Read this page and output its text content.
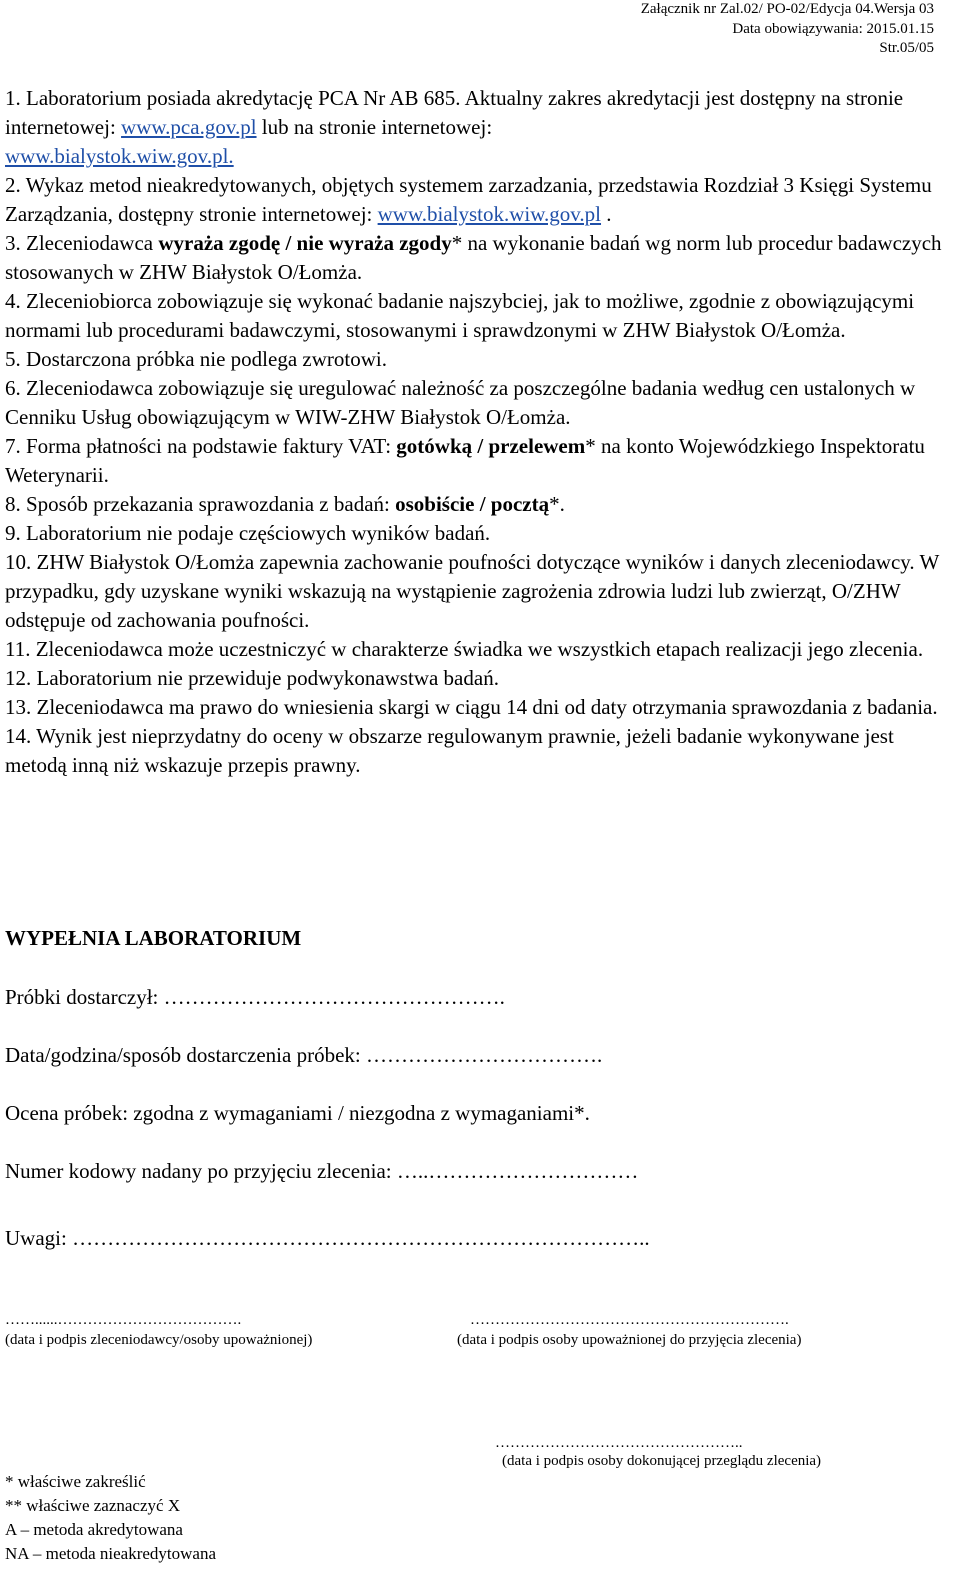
Załącznik nr Zal.02/ PO-02/Edycja 04.Wersja 03
Data obowiązywania: 2015.01.15
Str.05/05

1. Laboratorium posiada akredytację PCA Nr AB 685. Aktualny zakres akredytacji jest dostępny na stronie internetowej: www.pca.gov.pl lub na stronie internetowej:
www.bialystok.wiw.gov.pl.

2. Wykaz metod nieakredytowanych, objętych systemem zarzadzania, przedstawia Rozdział 3 Księgi Systemu Zarządzania, dostępny stronie internetowej: www.bialystok.wiw.gov.pl .

3. Zleceniodawca wyraża zgodę / nie wyraża zgody* na wykonanie badań wg norm lub procedur badawczych stosowanych w ZHW Białystok O/Łomża.

4. Zleceniobiorca zobowiązuje się wykonać badanie najszybciej, jak to możliwe, zgodnie z obowiązującymi normami lub procedurami badawczymi, stosowanymi i sprawdzonymi w ZHW Białystok O/Łomża.

5. Dostarczona próbka nie podlega zwrotowi.

6. Zleceniodawca zobowiązuje się uregulować należność za poszczególne badania według cen ustalonych w Cenniku Usług obowiązującym w WIW-ZHW Białystok O/Łomża.

7. Forma płatności na podstawie faktury VAT: gotówką / przelewem* na konto Wojewódzkiego Inspektoratu Weterynarii.

8. Sposób przekazania sprawozdania z badań: osobiście / pocztą*.

9. Laboratorium nie podaje częściowych wyników badań.

10. ZHW Białystok O/Łomża zapewnia zachowanie poufności dotyczące wyników i danych zleceniodawcy. W przypadku, gdy uzyskane wyniki wskazują na wystąpienie zagrożenia zdrowia ludzi lub zwierząt, O/ZHW odstępuje od zachowania poufności.

11. Zleceniodawca może uczestniczyć w charakterze świadka we wszystkich etapach realizacji jego zlecenia.

12. Laboratorium nie przewiduje podwykonawstwa badań.

13. Zleceniodawca ma prawo do wniesienia skargi w ciągu 14 dni od daty otrzymania sprawozdania z badania.

14. Wynik jest nieprzydatny do oceny w obszarze regulowanym prawnie, jeżeli badanie wykonywane jest metodą inną niż wskazuje przepis prawny.

WYPEŁNIA LABORATORIUM

Próbki dostarczył: ………………………………………….

Data/godzina/sposób dostarczenia próbek: …………………………….

Ocena próbek: zgodna z wymaganiami / niezgodna z wymaganiami*.

Numer kodowy nadany po przyjęciu zlecenia: …..…………………………

Uwagi: ………………………………………………………………………..

……......……………………………….

(data i podpis zleceniodawcy/osoby upoważnionej)

……………………………………………………….

(data i podpis osoby upoważnionej do przyjęcia zlecenia)

…………………………………………..

(data i podpis osoby dokonującej przeglądu zlecenia)

* właściwe zakreślić

** właściwe zaznaczyć X

A – metoda akredytowana

NA – metoda nieakredytowana
